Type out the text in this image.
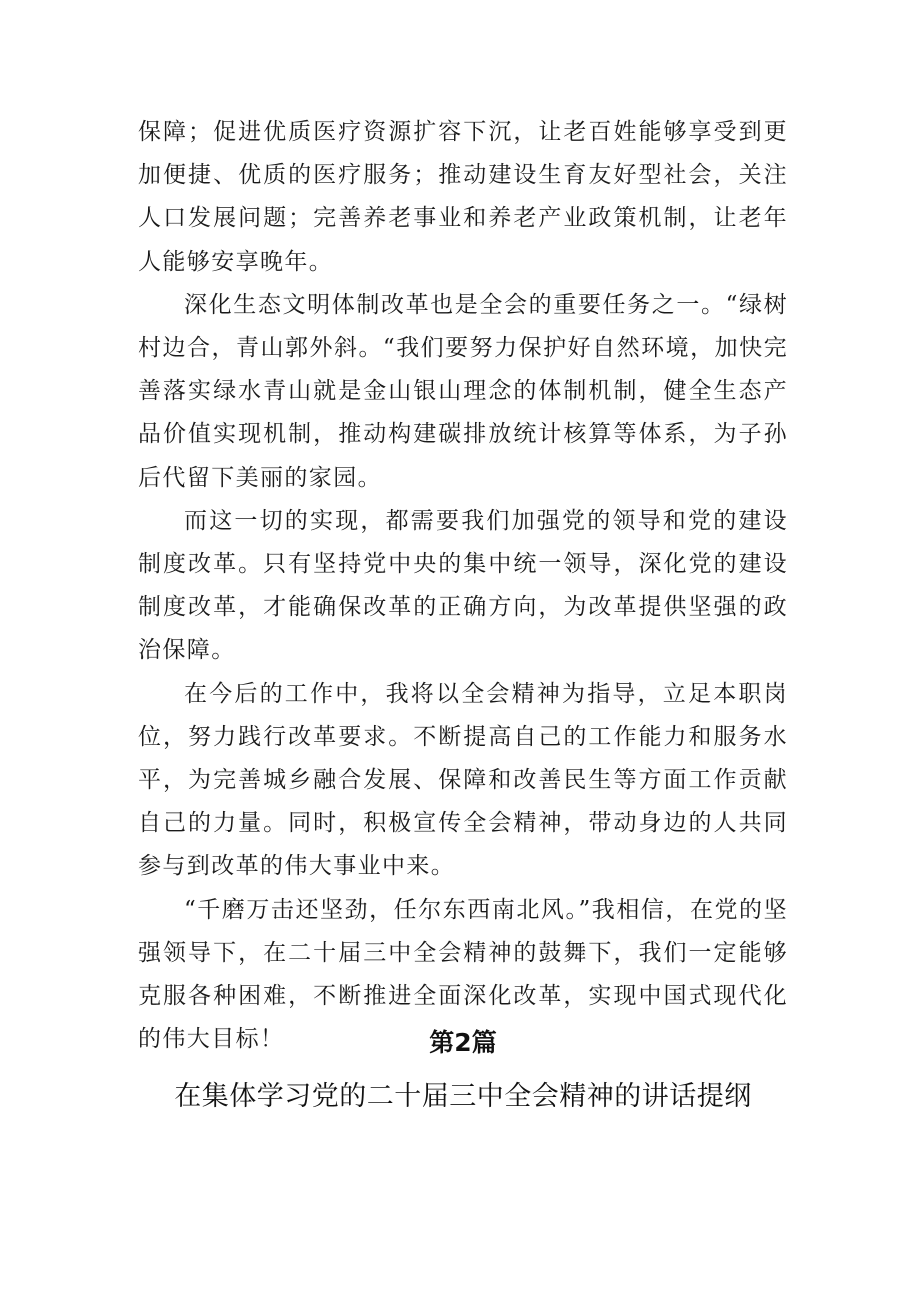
保障；促进优质医疗资源扩容下沉，让老百姓能够享受到更加便捷、优质的医疗服务；推动建设生育友好型社会，关注人口发展问题；完善养老事业和养老产业政策机制，让老年人能够安享晚年。

深化生态文明体制改革也是全会的重要任务之一。“绿树村边合，青山郭外斜。“我们要努力保护好自然环境，加快完善落实绿水青山就是金山银山理念的体制机制，健全生态产品价值实现机制，推动构建碳排放统计核算等体系，为子孙后代留下美丽的家园。

而这一切的实现，都需要我们加强党的领导和党的建设制度改革。只有坚持党中央的集中统一领导，深化党的建设制度改革，才能确保改革的正确方向，为改革提供坚强的政治保障。

在今后的工作中，我将以全会精神为指导，立足本职岗位，努力践行改革要求。不断提高自己的工作能力和服务水平，为完善城乡融合发展、保障和改善民生等方面工作贡献自己的力量。同时，积极宣传全会精神，带动身边的人共同参与到改革的伟大事业中来。

“千磨万击还坚劲，任尔东西南北风。”我相信，在党的坚强领导下，在二十届三中全会精神的鼓舞下，我们一定能够克服各种困难，不断推进全面深化改革，实现中国式现代化的伟大目标！	第2篇
在集体学习党的二十届三中全会精神的讲话提纲
